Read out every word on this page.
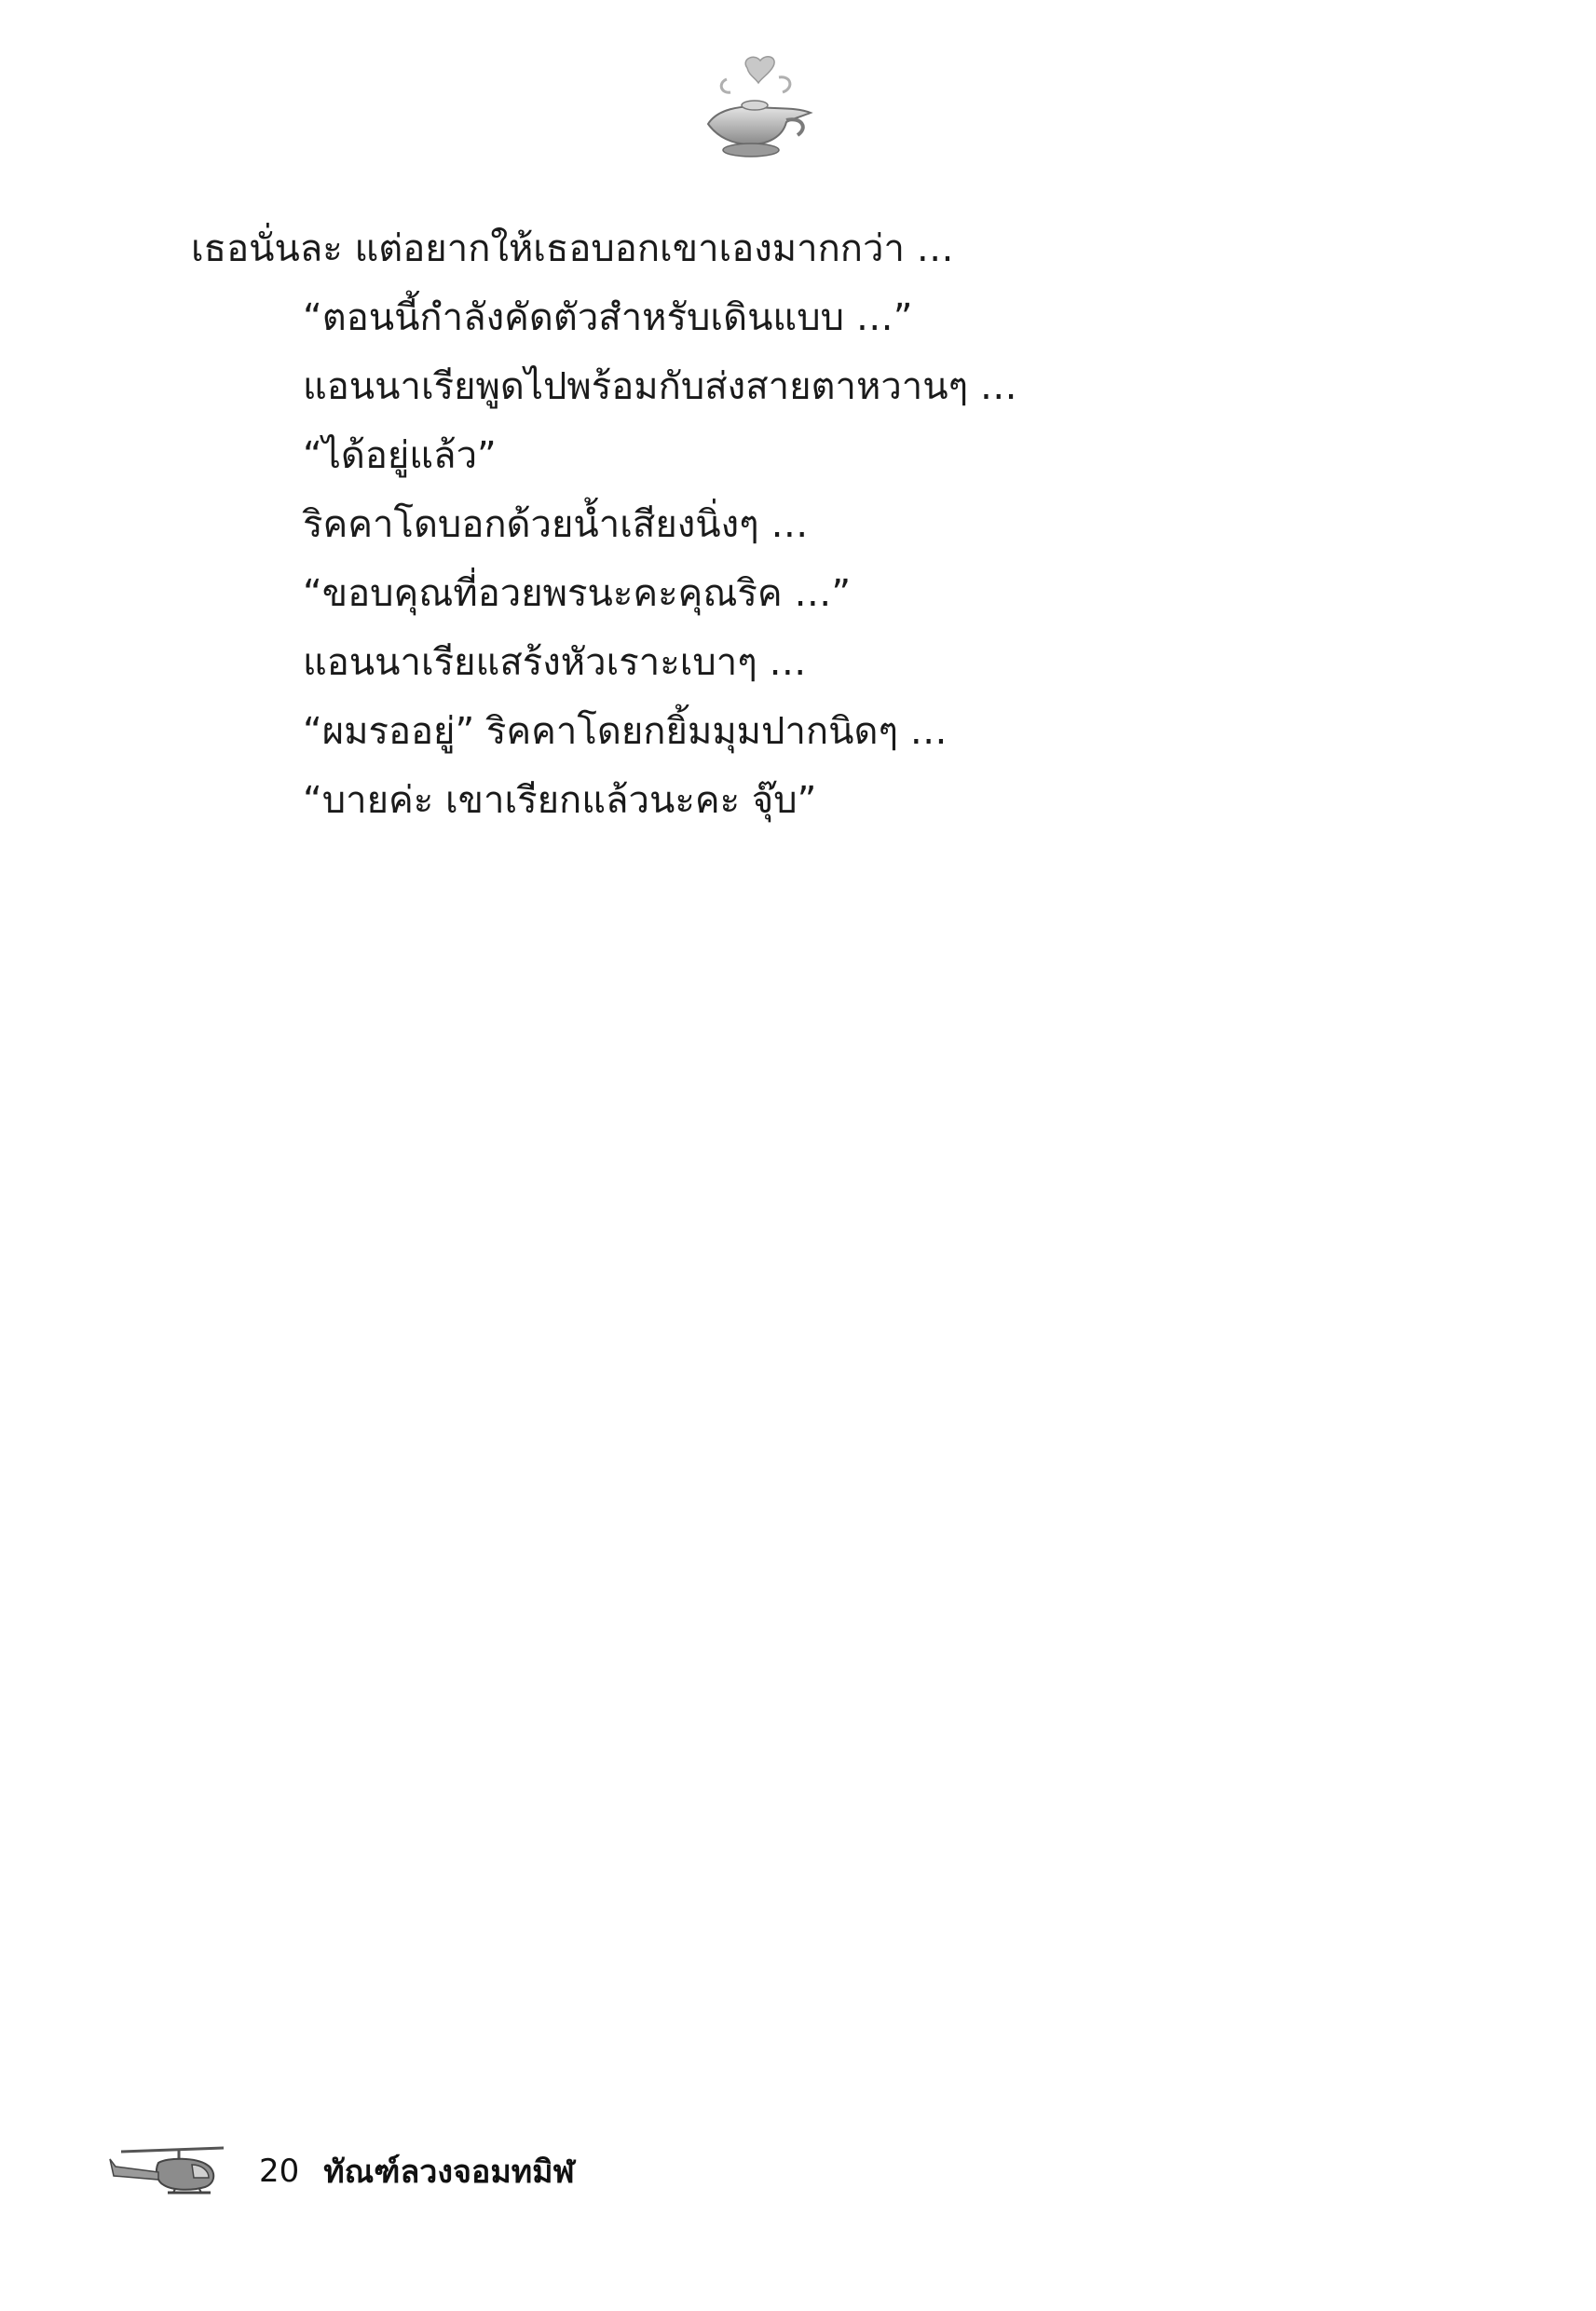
เธอนั่นละ แต่อยากให้เธอบอกเขาเองมากกว่า …

“ตอนนี้กำลังคัดตัวสำหรับเดินแบบ …”

แอนนาเรียพูดไปพร้อมกับส่งสายตาหวานๆ …

“ได้อยู่แล้ว”

ริคคาโดบอกด้วยน้ำเสียงนิ่งๆ …

“ขอบคุณที่อวยพรนะคะคุณริค …”

แอนนาเรียแสร้งหัวเราะเบาๆ …

“ผมรออยู่” ริคคาโดยกยิ้มมุมปากนิดๆ …

“บายค่ะ เขาเรียกแล้วนะคะ จุ๊บ”

20 ทัณฑ์ลวงจอมทมิฬ
